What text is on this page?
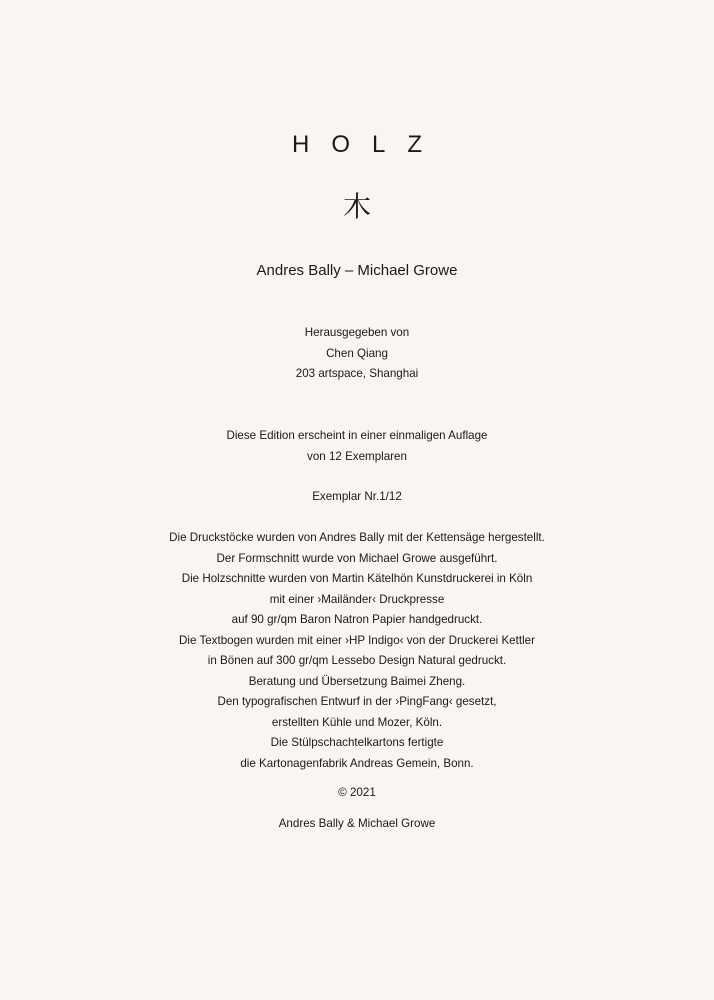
HOLZ
木
Andres Bally – Michael Growe
Herausgegeben von
Chen Qiang
203 artspace, Shanghai
Diese Edition erscheint in einer einmaligen Auflage
von 12 Exemplaren
Exemplar Nr.1/12
Die Druckstöcke wurden von Andres Bally mit der Kettensäge hergestellt.
Der Formschnitt wurde von Michael Growe ausgeführt.
Die Holzschnitte wurden von Martin Kätelhön Kunstdruckerei in Köln
mit einer ›Mailänder‹ Druckpresse
auf 90 gr/qm Baron Natron Papier handgedruckt.
Die Textbogen wurden mit einer ›HP Indigo‹ von der Druckerei Kettler
in Bönen auf 300 gr/qm Lessebo Design Natural gedruckt.
Beratung und Übersetzung Baimei Zheng.
Den typografischen Entwurf in der ›PingFang‹ gesetzt,
erstellten Kühle und Mozer, Köln.
Die Stülpschachtelkartons fertigte
die Kartonagenfabrik Andreas Gemein, Bonn.
© 2021
Andres Bally & Michael Growe
